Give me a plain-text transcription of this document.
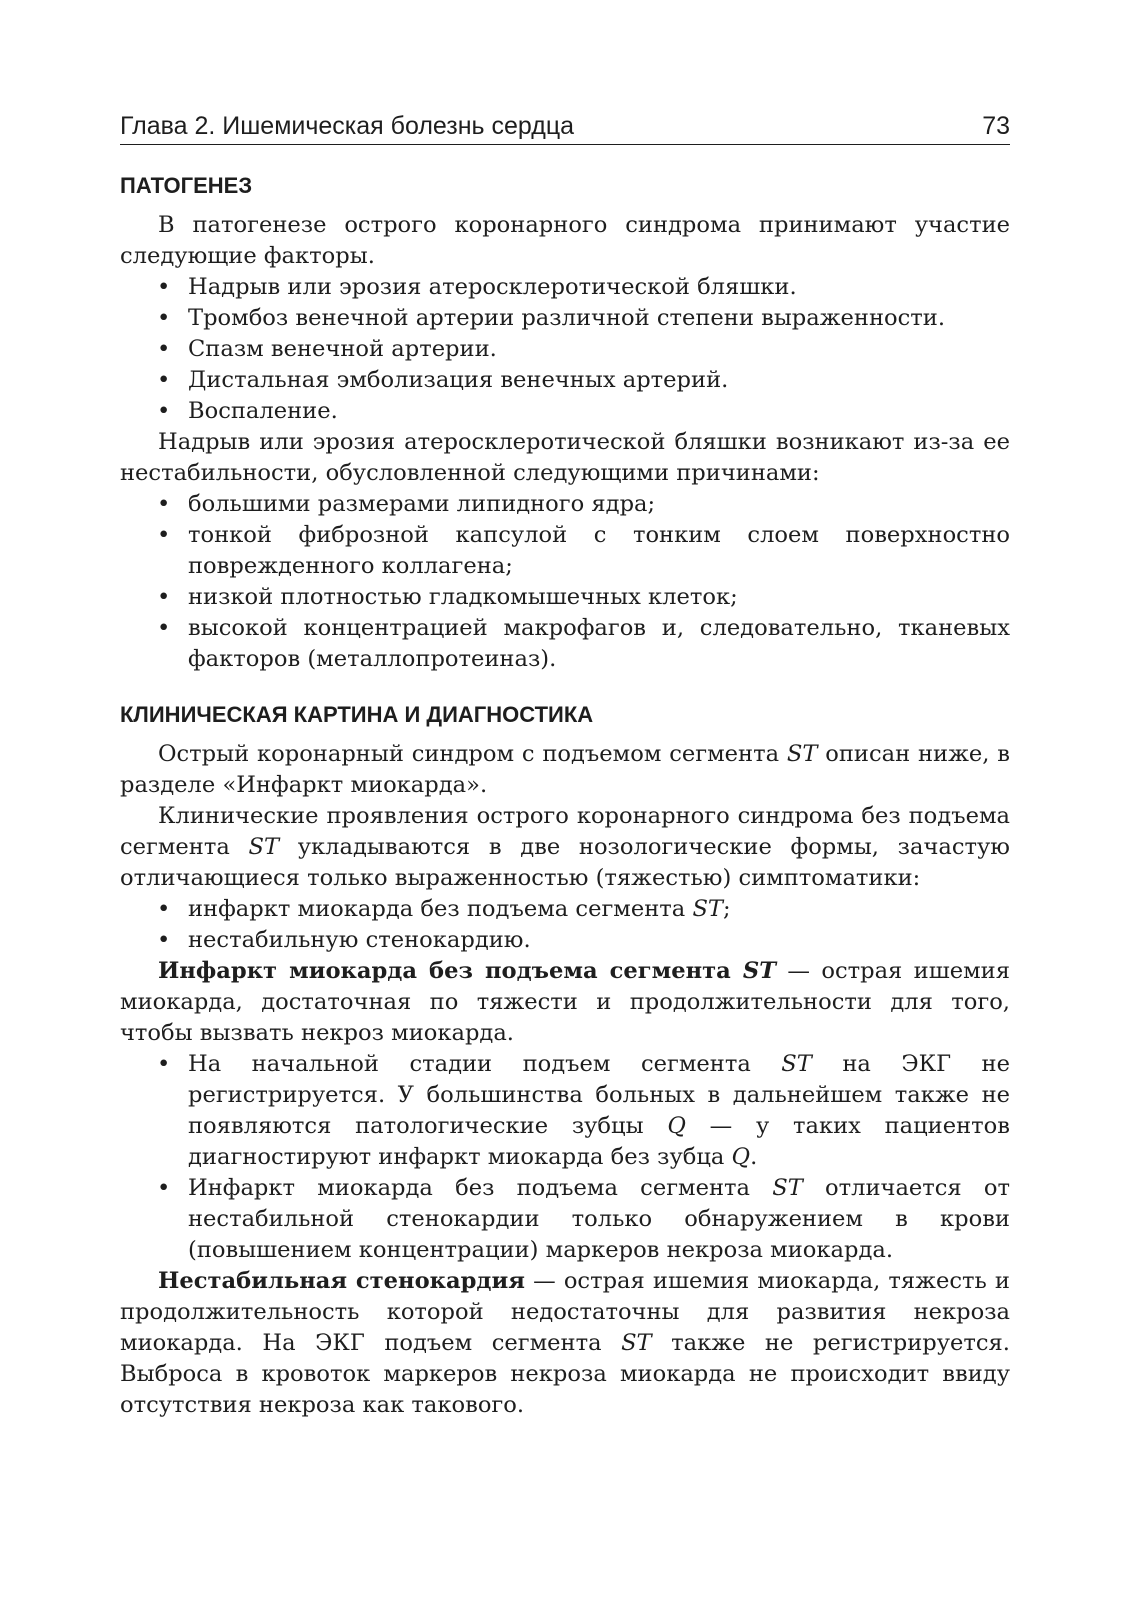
Глава 2. Ишемическая болезнь сердца	73
ПАТОГЕНЕЗ

В патогенезе острого коронарного синдрома принимают участие следующие факторы.

• Надрыв или эрозия атеросклеротической бляшки.
• Тромбоз венечной артерии различной степени выраженности.
• Спазм венечной артерии.
• Дистальная эмболизация венечных артерий.
• Воспаление.

Надрыв или эрозия атеросклеротической бляшки возникают из-за ее нестабильности, обусловленной следующими причинами:

• большими размерами липидного ядра;
• тонкой фиброзной капсулой с тонким слоем поверхностно поврежденного коллагена;
• низкой плотностью гладкомышечных клеток;
• высокой концентрацией макрофагов и, следовательно, тканевых факторов (металлопротеиназ).
КЛИНИЧЕСКАЯ КАРТИНА И ДИАГНОСТИКА

Острый коронарный синдром с подъемом сегмента ST описан ниже, в разделе «Инфаркт миокарда».

Клинические проявления острого коронарного синдрома без подъема сегмента ST укладываются в две нозологические формы, зачастую отличающиеся только выраженностью (тяжестью) симптоматики:

• инфаркт миокарда без подъема сегмента ST;
• нестабильную стенокардию.

Инфаркт миокарда без подъема сегмента ST — острая ишемия миокарда, достаточная по тяжести и продолжительности для того, чтобы вызвать некроз миокарда.

• На начальной стадии подъем сегмента ST на ЭКГ не регистрируется. У большинства больных в дальнейшем также не появляются патологические зубцы Q — у таких пациентов диагностируют инфаркт миокарда без зубца Q.
• Инфаркт миокарда без подъема сегмента ST отличается от нестабильной стенокардии только обнаружением в крови (повышением концентрации) маркеров некроза миокарда.

Нестабильная стенокардия — острая ишемия миокарда, тяжесть и продолжительность которой недостаточны для развития некроза миокарда. На ЭКГ подъем сегмента ST также не регистрируется. Выброса в кровоток маркеров некроза миокарда не происходит ввиду отсутствия некроза как такового.
